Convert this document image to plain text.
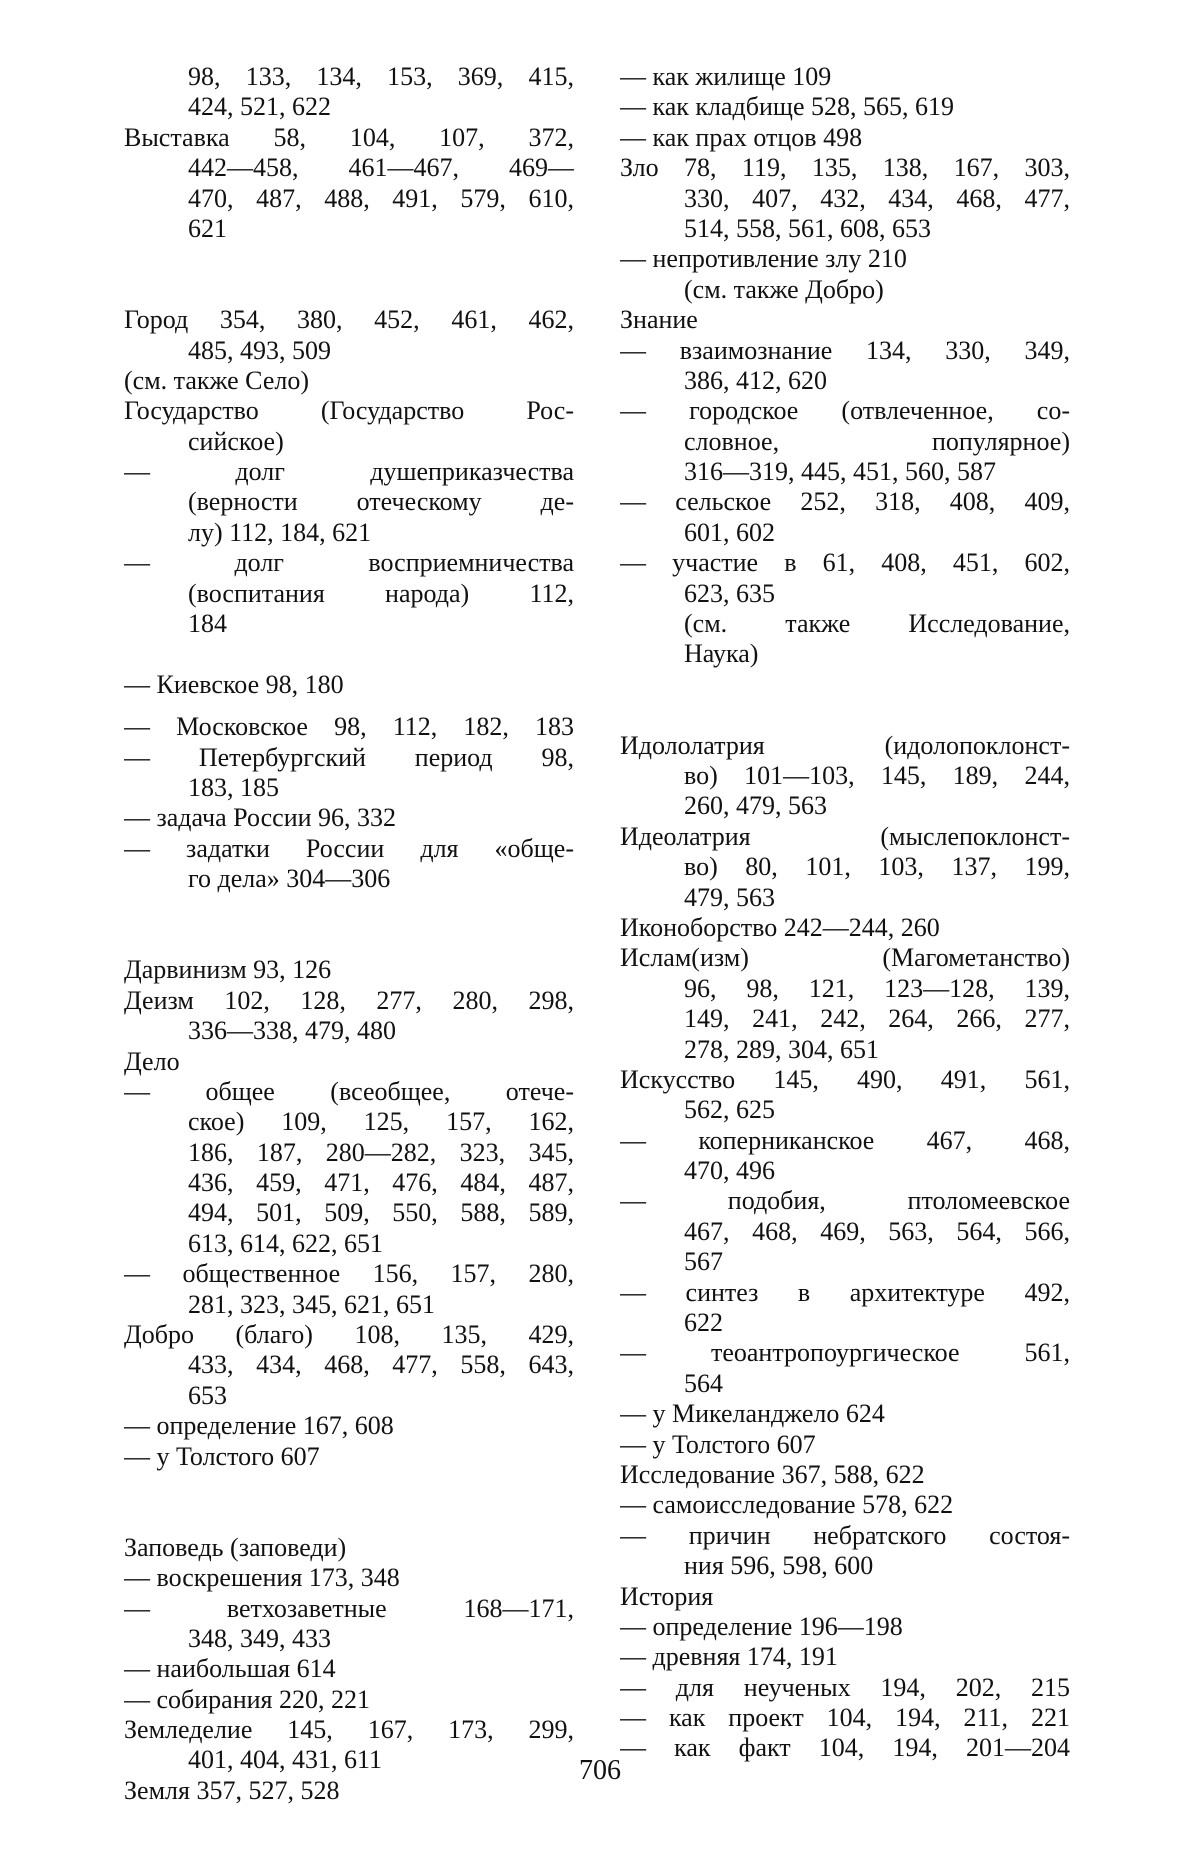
98, 133, 134, 153, 369, 415,
424, 521, 622
Выставка 58, 104, 107, 372,
442—458, 461—467, 469—
470, 487, 488, 491, 579, 610,
621
Город 354, 380, 452, 461, 462,
485, 493, 509
(см. также Село)
Государство (Государство Рос-
сийское)
— долг душеприказчества
(верности отеческому де-
лу) 112, 184, 621
— долг восприемничества
(воспитания народа) 112,
184
— Киевское 98, 180
— Московское 98, 112, 182, 183
— Петербургский период 98,
183, 185
— задача России 96, 332
— задатки России для «обще-
го дела» 304—306
Дарвинизм 93, 126
Деизм 102, 128, 277, 280, 298,
336—338, 479, 480
Дело
— общее (всеобщее, отече-
ское) 109, 125, 157, 162,
186, 187, 280—282, 323, 345,
436, 459, 471, 476, 484, 487,
494, 501, 509, 550, 588, 589,
613, 614, 622, 651
— общественное 156, 157, 280,
281, 323, 345, 621, 651
Добро (благо) 108, 135, 429,
433, 434, 468, 477, 558, 643,
653
— определение 167, 608
— у Толстого 607
Заповедь (заповеди)
— воскрешения 173, 348
— ветхозаветные 168—171,
348, 349, 433
— наибольшая 614
— собирания 220, 221
Земледелие 145, 167, 173, 299,
401, 404, 431, 611
Земля 357, 527, 528
— как жилище 109
— как кладбище 528, 565, 619
— как прах отцов 498
Зло 78, 119, 135, 138, 167, 303,
330, 407, 432, 434, 468, 477,
514, 558, 561, 608, 653
— непротивление злу 210
(см. также Добро)
Знание
— взаимознание 134, 330, 349,
386, 412, 620
— городское (отвлеченное, со-
словное, популярное)
316—319, 445, 451, 560, 587
— сельское 252, 318, 408, 409,
601, 602
— участие в 61, 408, 451, 602,
623, 635
(см. также Исследование,
Наука)
Идололатрия (идолопоклонст-
во) 101—103, 145, 189, 244,
260, 479, 563
Идеолатрия (мыслепоклонст-
во) 80, 101, 103, 137, 199,
479, 563
Иконоборство 242—244, 260
Ислам(изм) (Магометанство)
96, 98, 121, 123—128, 139,
149, 241, 242, 264, 266, 277,
278, 289, 304, 651
Искусство 145, 490, 491, 561,
562, 625
— коперниканское 467, 468,
470, 496
— подобия, птоломеевское
467, 468, 469, 563, 564, 566,
567
— синтез в архитектуре 492,
622
— теоантропоургическое 561,
564
— у Микеланджело 624
— у Толстого 607
Исследование 367, 588, 622
— самоисследование 578, 622
— причин небратского состоя-
ния 596, 598, 600
История
— определение 196—198
— древняя 174, 191
— для неученых 194, 202, 215
— как проект 104, 194, 211, 221
— как факт 104, 194, 201—204
706
